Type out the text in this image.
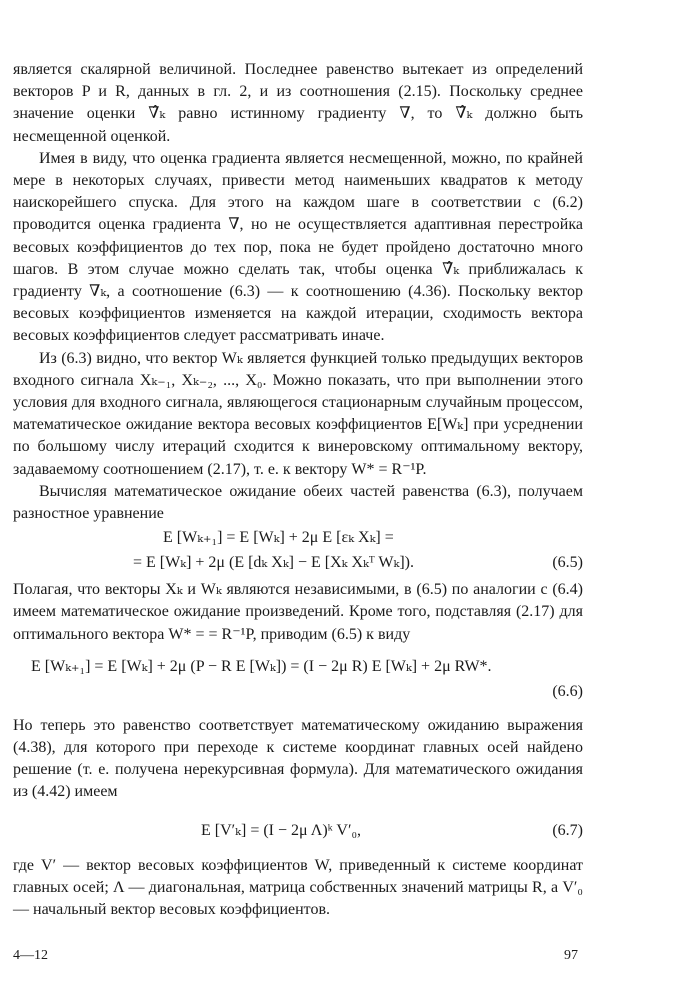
является скалярной величиной. Последнее равенство вытекает из определений векторов P и R, данных в гл. 2, и из соотношения (2.15). Поскольку среднее значение оценки ∇̂ₖ равно истинному градиенту ∇, то ∇̂ₖ должно быть несмещенной оценкой.

Имея в виду, что оценка градиента является несмещенной, можно, по крайней мере в некоторых случаях, привести метод наименьших квадратов к методу наискорейшего спуска. Для этого на каждом шаге в соответствии с (6.2) проводится оценка градиента ∇, но не осуществляется адаптивная перестройка весовых коэффициентов до тех пор, пока не будет пройдено достаточно много шагов. В этом случае можно сделать так, чтобы оценка ∇̂ₖ приближалась к градиенту ∇ₖ, а соотношение (6.3) — к соотношению (4.36). Поскольку вектор весовых коэффициентов изменяется на каждой итерации, сходимость вектора весовых коэффициентов следует рассматривать иначе.

Из (6.3) видно, что вектор Wₖ является функцией только предыдущих векторов входного сигнала Xₖ₋₁, Xₖ₋₂, ..., X₀. Можно показать, что при выполнении этого условия для входного сигнала, являющегося стационарным случайным процессом, математическое ожидание вектора весовых коэффициентов E[Wₖ] при усреднении по большому числу итераций сходится к винеровскому оптимальному вектору, задаваемому соотношением (2.17), т. е. к вектору W* = R⁻¹P.

Вычисляя математическое ожидание обеих частей равенства (6.3), получаем разностное уравнение

E [Wₖ₊₁] = E [Wₖ] + 2μ E [εₖ Xₖ] =
= E [Wₖ] + 2μ (E [dₖ Xₖ] − E [Xₖ Xₖᵀ Wₖ]).	(6.5)

Полагая, что векторы Xₖ и Wₖ являются независимыми, в (6.5) по аналогии с (6.4) имеем математическое ожидание произведений. Кроме того, подставляя (2.17) для оптимального вектора W* = = R⁻¹P, приводим (6.5) к виду

E [Wₖ₊₁] = E [Wₖ] + 2μ (P − R E [Wₖ]) = (I − 2μ R) E [Wₖ] + 2μ RW*.
(6.6)

Но теперь это равенство соответствует математическому ожиданию выражения (4.38), для которого при переходе к системе координат главных осей найдено решение (т. е. получена нерекурсивная формула). Для математического ожидания из (4.42) имеем

E [V′ₖ] = (I − 2μ Λ)ᵏ V′₀,	(6.7)

где V′ — вектор весовых коэффициентов W, приведенный к системе координат главных осей; Λ — диагональная, матрица собственных значений матрицы R, а V′₀ — начальный вектор весовых коэффициентов.

4—12	97
